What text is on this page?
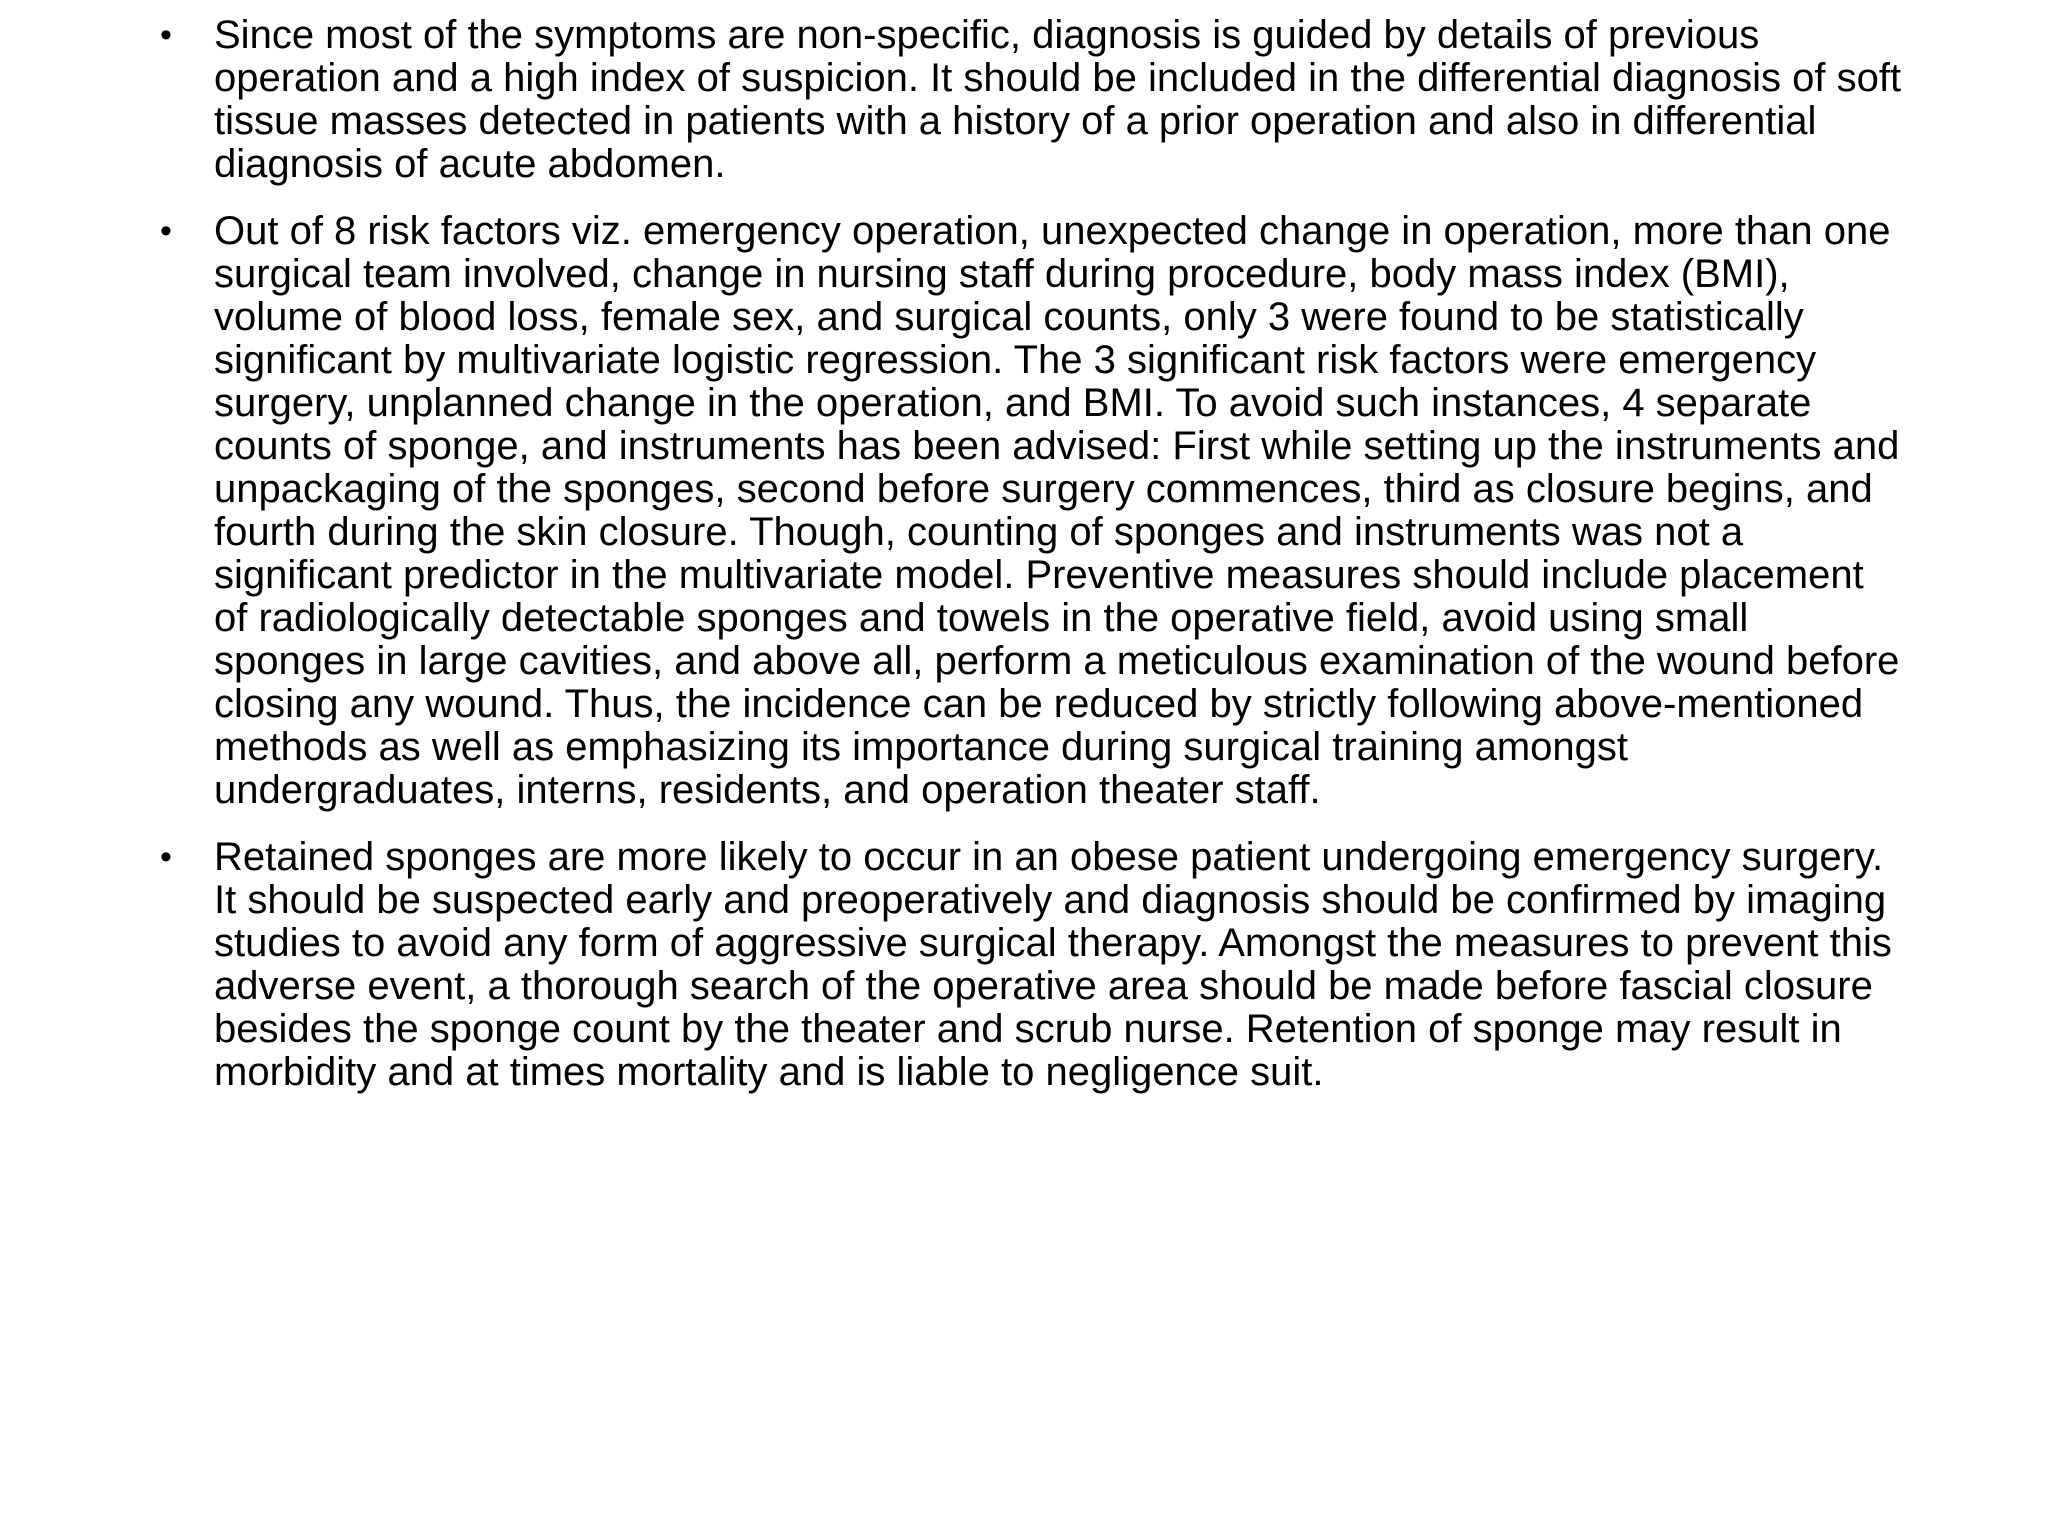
• Since most of the symptoms are non-specific, diagnosis is guided by details of previous operation and a high index of suspicion. It should be included in the differential diagnosis of soft tissue masses detected in patients with a history of a prior operation and also in differential diagnosis of acute abdomen.
• Out of 8 risk factors viz. emergency operation, unexpected change in operation, more than one surgical team involved, change in nursing staff during procedure, body mass index (BMI), volume of blood loss, female sex, and surgical counts, only 3 were found to be statistically significant by multivariate logistic regression. The 3 significant risk factors were emergency surgery, unplanned change in the operation, and BMI. To avoid such instances, 4 separate counts of sponge, and instruments has been advised: First while setting up the instruments and unpackaging of the sponges, second before surgery commences, third as closure begins, and fourth during the skin closure. Though, counting of sponges and instruments was not a significant predictor in the multivariate model. Preventive measures should include placement of radiologically detectable sponges and towels in the operative field, avoid using small sponges in large cavities, and above all, perform a meticulous examination of the wound before closing any wound. Thus, the incidence can be reduced by strictly following above-mentioned methods as well as emphasizing its importance during surgical training amongst undergraduates, interns, residents, and operation theater staff.
• Retained sponges are more likely to occur in an obese patient undergoing emergency surgery. It should be suspected early and preoperatively and diagnosis should be confirmed by imaging studies to avoid any form of aggressive surgical therapy. Amongst the measures to prevent this adverse event, a thorough search of the operative area should be made before fascial closure besides the sponge count by the theater and scrub nurse. Retention of sponge may result in morbidity and at times mortality and is liable to negligence suit.
